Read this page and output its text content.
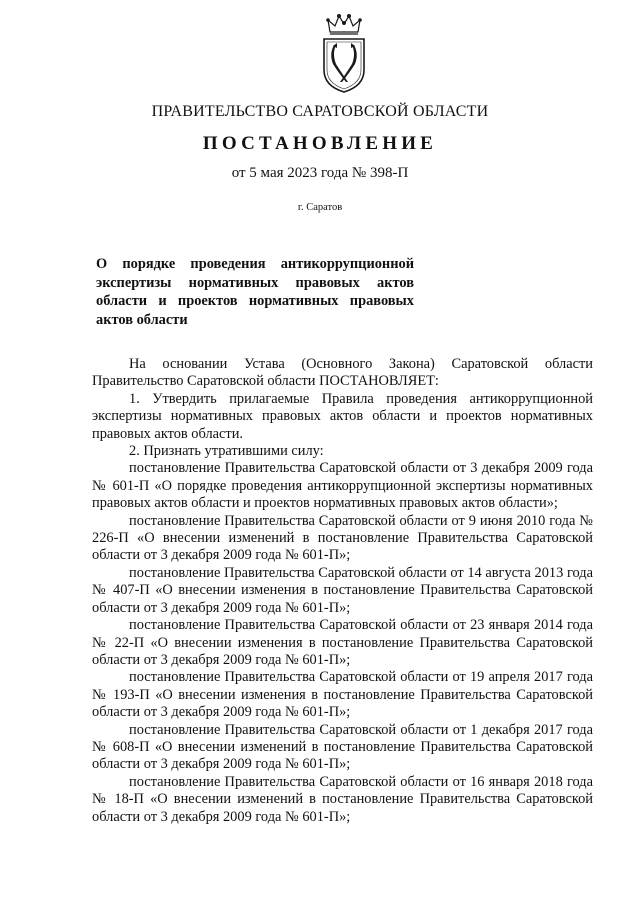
ПРАВИТЕЛЬСТВО САРАТОВСКОЙ ОБЛАСТИ
ПОСТАНОВЛЕНИЕ
от 5 мая 2023 года № 398-П
г. Саратов
О порядке проведения антикоррупционной экспертизы нормативных правовых актов области и проектов нормативных правовых актов области

На основании Устава (Основного Закона) Саратовской области Правительство Саратовской области ПОСТАНОВЛЯЕТ:

1. Утвердить прилагаемые Правила проведения антикоррупционной экспертизы нормативных правовых актов области и проектов нормативных правовых актов области.

2. Признать утратившими силу:

постановление Правительства Саратовской области от 3 декабря 2009 года № 601-П «О порядке проведения антикоррупционной экспертизы нормативных правовых актов области и проектов нормативных правовых актов области»;

постановление Правительства Саратовской области от 9 июня 2010 года № 226-П «О внесении изменений в постановление Правительства Саратовской области от 3 декабря 2009 года № 601-П»;

постановление Правительства Саратовской области от 14 августа 2013 года № 407-П «О внесении изменения в постановление Правительства Саратовской области от 3 декабря 2009 года № 601-П»;

постановление Правительства Саратовской области от 23 января 2014 года № 22-П «О внесении изменения в постановление Правительства Саратовской области от 3 декабря 2009 года № 601-П»;

постановление Правительства Саратовской области от 19 апреля 2017 года № 193-П «О внесении изменения в постановление Правительства Саратовской области от 3 декабря 2009 года № 601-П»;

постановление Правительства Саратовской области от 1 декабря 2017 года № 608-П «О внесении изменений в постановление Правительства Саратовской области от 3 декабря 2009 года № 601-П»;

постановление Правительства Саратовской области от 16 января 2018 года № 18-П «О внесении изменений в постановление Правительства Саратовской области от 3 декабря 2009 года № 601-П»;
